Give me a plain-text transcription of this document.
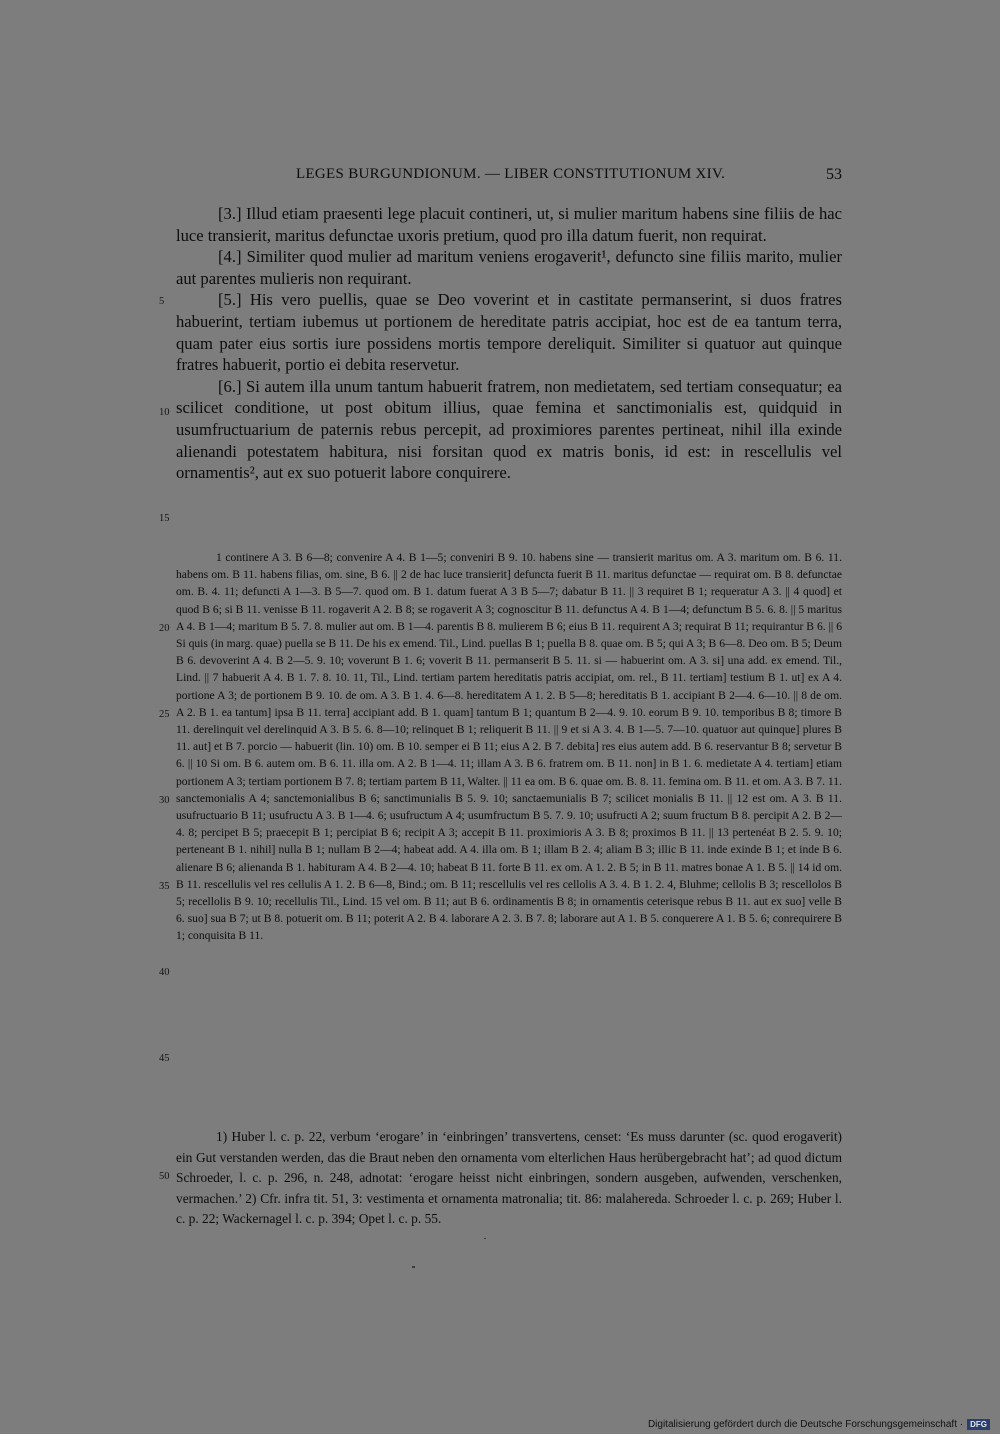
LEGES BURGUNDIONUM. — LIBER CONSTITUTIONUM XIV.	53

[3.] Illud etiam praesenti lege placuit contineri, ut, si mulier maritum habens sine filiis de hac luce transierit, maritus defunctae uxoris pretium, quod pro illa datum fuerit, non requirat.

[4.] Similiter quod mulier ad maritum veniens erogaverit¹, defuncto sine filiis marito, mulier aut parentes mulieris non requirant.

[5.] His vero puellis, quae se Deo voverint et in castitate permanserint, si duos fratres habuerint, tertiam iubemus ut portionem de hereditate patris accipiat, hoc est de ea tantum terra, quam pater eius sortis iure possidens mortis tempore dereliquit. Similiter si quatuor aut quinque fratres habuerit, portio ei debita reservetur.

[6.] Si autem illa unum tantum habuerit fratrem, non medietatem, sed tertiam consequatur; ea scilicet conditione, ut post obitum illius, quae femina et sanctimonialis est, quidquid in usumfructuarium de paternis rebus percepit, ad proximiores parentes pertineat, nihil illa exinde alienandi potestatem habitura, nisi forsitan quod ex matris bonis, id est: in rescellulis vel ornamentis², aut ex suo potuerit labore conquirere.

1 continere A 3. B 6—8; convenire A 4. B 1—5; conveniri B 9. 10. habens sine — transierit maritus om. A 3. maritum om. B 6. 11. habens om. B 11. habens filias, om. sine, B 6. || 2 de hac luce transierit] defuncta fuerit B 11. maritus defunctae — requirat om. B 8. defunctae om. B. 4. 11; defuncti A 1—3. B 5—7. quod om. B 1. datum fuerat A 3 B 5—7; dabatur B 11. || 3 requiret B 1; requeratur A 3. || 4 quod] et quod B 6; si B 11. venisse B 11. rogaverit A 2. B 8; se rogaverit A 3; cognoscitur B 11. defunctus A 4. B 1—4; defunctum B 5. 6. 8. || 5 maritus A 4. B 1—4; maritum B 5. 7. 8. mulier aut om. B 1—4. parentis B 8. mulierem B 6; eius B 11. requirent A 3; requirat B 11; requirantur B 6. || 6 Si quis (in marg. quae) puella se B 11. De his ex emend. Til., Lind. puellas B 1; puella B 8. quae om. B 5; qui A 3; B 6—8. Deo om. B 5; Deum B 6. devoverint A 4. B 2—5. 9. 10; voverunt B 1. 6; voverit B 11. permanserit B 5. 11. si — habuerint om. A 3. si] una add. ex emend. Til., Lind. || 7 habuerit A 4. B 1. 7. 8. 10. 11, Til., Lind. tertiam partem hereditatis patris accipiat, om. rel., B 11. tertiam] testium B 1. ut] ex A 4. portione A 3; de portionem B 9. 10. de om. A 3. B 1. 4. 6—8. hereditatem A 1. 2. B 5—8; hereditatis B 1. accipiant B 2—4. 6—10. || 8 de om. A 2. B 1. ea tantum] ipsa B 11. terra] accipiant add. B 1. quam] tantum B 1; quantum B 2—4. 9. 10. eorum B 9. 10. temporibus B 8; timore B 11. derelinquit vel derelinquid A 3. B 5. 6. 8—10; relinquet B 1; reliquerit B 11. || 9 et si A 3. 4. B 1—5. 7—10. quatuor aut quinque] plures B 11. aut] et B 7. porcio — habuerit (lin. 10) om. B 10. semper ei B 11; eius A 2. B 7. debita] res eius autem add. B 6. reservantur B 8; servetur B 6. || 10 Si om. B 6. autem om. B 6. 11. illa om. A 2. B 1—4. 11; illam A 3. B 6. fratrem om. B 11. non] in B 1. 6. medietate A 4. tertiam] etiam portionem A 3; tertiam portionem B 7. 8; tertiam partem B 11, Walter. || 11 ea om. B 6. quae om. B. 8. 11. femina om. B 11. et om. A 3. B 7. 11. sanctemonialis A 4; sanctemonialibus B 6; sanctimunialis B 5. 9. 10; sanctaemunialis B 7; scilicet monialis B 11. || 12 est om. A 3. B 11. usufructuario B 11; usufructu A 3. B 1—4. 6; usufructum A 4; usumfructum B 5. 7. 9. 10; usufructi A 2; suum fructum B 8. percipit A 2. B 2—4. 8; percipet B 5; praecepit B 1; percipiat B 6; recipit A 3; accepit B 11. proximioris A 3. B 8; proximos B 11. || 13 pertenéat B 2. 5. 9. 10; perteneant B 1. nihil] nulla B 1; nullam B 2—4; habeat add. A 4. illa om. B 1; illam B 2. 4; aliam B 3; illic B 11. inde exinde B 1; et inde B 6. alienare B 6; alienanda B 1. habituram A 4. B 2—4. 10; habeat B 11. forte B 11. ex om. A 1. 2. B 5; in B 11. matres bonae A 1. B 5. || 14 id om. B 11. rescellulis vel res cellulis A 1. 2. B 6—8, Bind.; om. B 11; rescellulis vel res cellolis A 3. 4. B 1. 2. 4, Bluhme; cellolis B 3; rescellolos B 5; recellolis B 9. 10; recellulis Til., Lind. 15 vel om. B 11; aut B 6. ordinamentis B 8; in ornamentis ceterisque rebus B 11. aut ex suo] velle B 6. suo] sua B 7; ut B 8. potuerit om. B 11; poterit A 2. B 4. laborare A 2. 3. B 7. 8; laborare aut A 1. B 5. conquerere A 1. B 5. 6; conrequirere B 1; conquisita B 11.
1) Huber l. c. p. 22, verbum ‘erogare’ in ‘einbringen’ transvertens, censet: ‘Es muss darunter (sc. quod erogaverit) ein Gut verstanden werden, das die Braut neben den ornamenta vom elterlichen Haus herübergebracht hat’; ad quod dictum Schroeder, l. c. p. 296, n. 248, adnotat: ‘erogare heisst nicht einbringen, sondern ausgeben, aufwenden, verschenken, vermachen.’ 2) Cfr. infra tit. 51, 3: vestimenta et ornamenta matronalia; tit. 86: malahereda. Schroeder l. c. p. 269; Huber l. c. p. 22; Wackernagel l. c. p. 394; Opet l. c. p. 55.
5
10
15
20
25
30
35
40
45
50
Digitalisierung gefördert durch die Deutsche Forschungsgemeinschaft · DFG
